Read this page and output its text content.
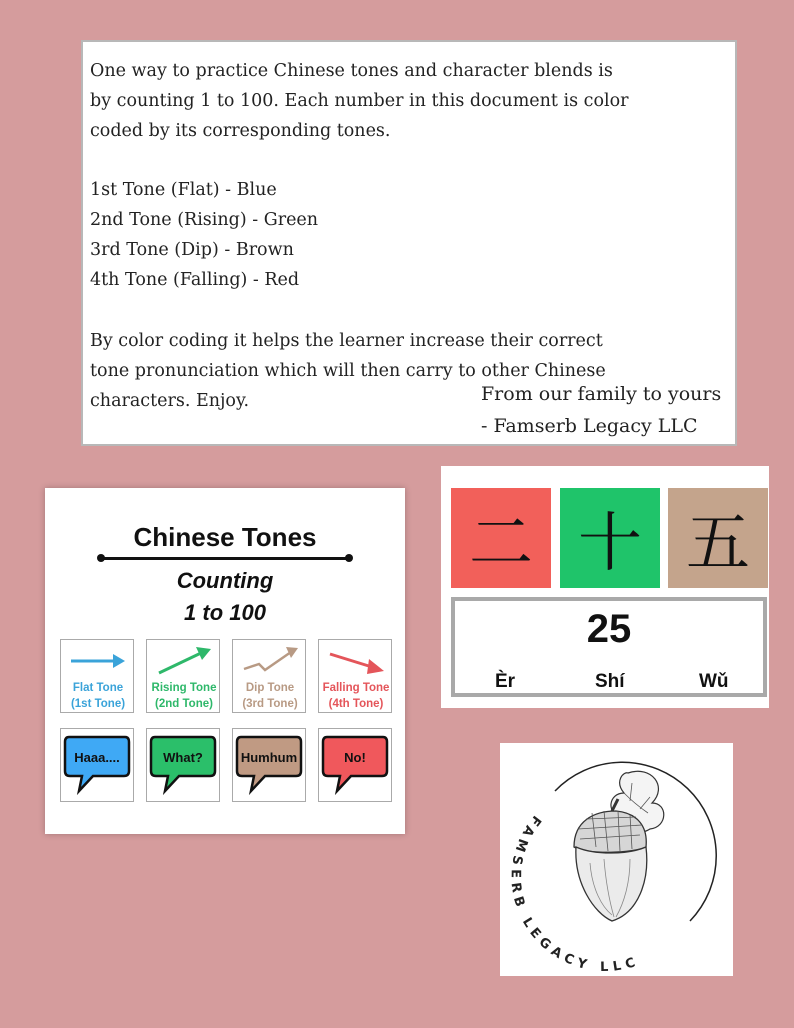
One way to practice Chinese tones and character blends is
by counting 1 to 100. Each number in this document is color
coded by its corresponding tones.

1st Tone (Flat) - Blue
2nd Tone (Rising) - Green
3rd Tone (Dip) - Brown
4th Tone (Falling) - Red

By color coding it helps the learner increase their correct
tone pronunciation which will then carry to other Chinese
characters. Enjoy.	From our family to yours
- Famserb Legacy LLC
Chinese Tones
Counting
1 to 100
Flat Tone
(1st Tone)
Rising Tone
(2nd Tone)
Dip Tone
(3rd Tone)
Falling Tone
(4th Tone)
Haaa....	What?	Humhum	No!
二 十 五
25
Èr	Shí	Wǔ
FAMSERB LEGACY LLC
